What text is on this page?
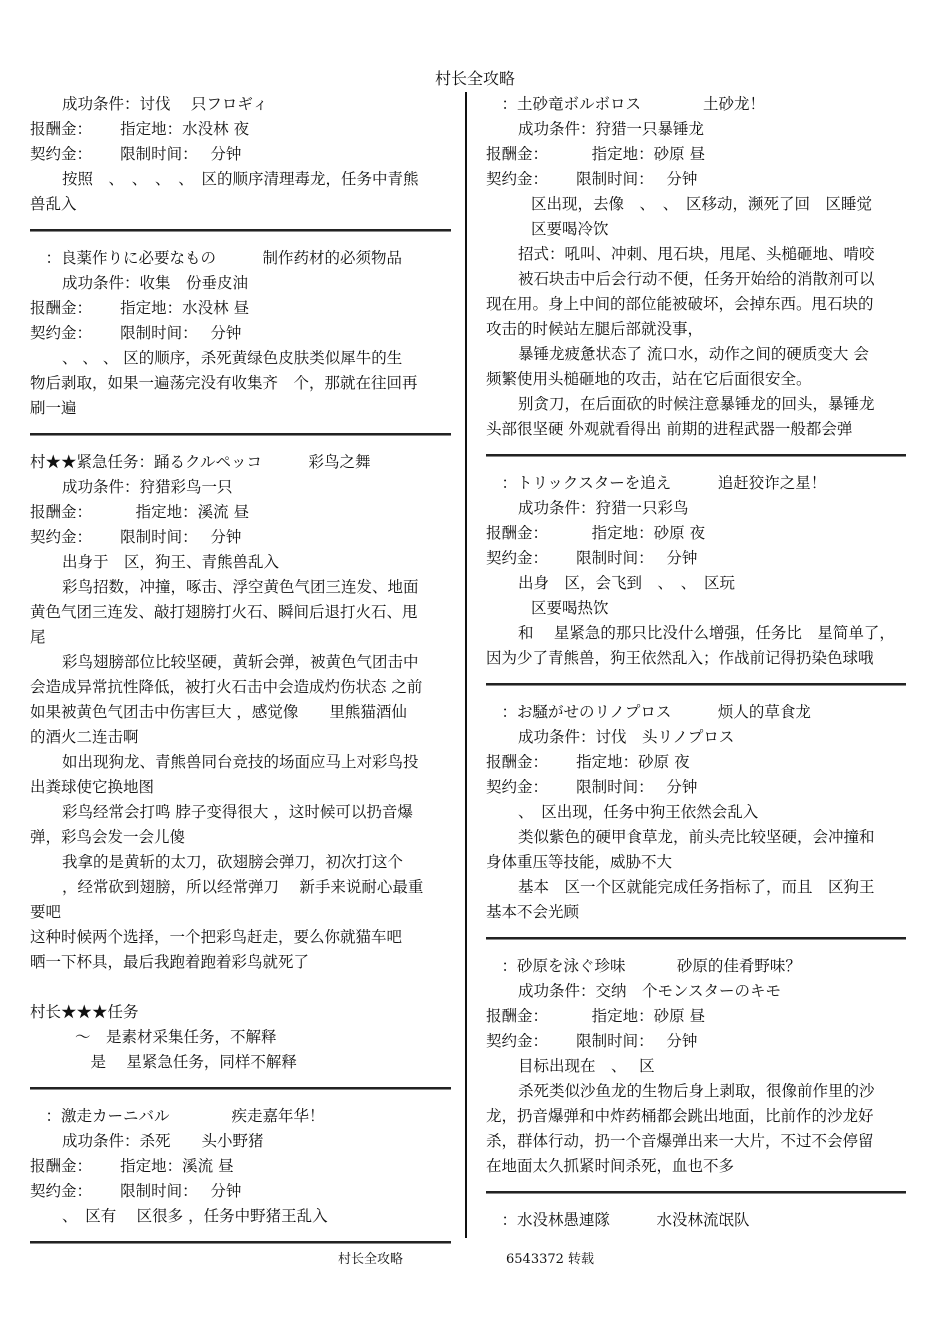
村长全攻略
成功条件：讨伐　 只フロギィ
报酬金：　　 指定地：水没林 夜
契约金：　　 限制时间：　 分钟
按照　、　、　、　、　区的顺序清理毒龙，任务中青熊
兽乱入
　：良薬作りに必要なもの　　　制作药材的必须物品
成功条件：收集　份垂皮油
报酬金：　　 指定地：水没林 昼
契约金：　　 限制时间：　 分钟
、 、 、 区的顺序，杀死黄绿色皮肤类似犀牛的生
物后剥取，如果一遍荡完没有收集齐　个，那就在往回再
刷一遍
村★★紧急任务：踊るクルペッコ　　　彩鸟之舞
成功条件：狩猎彩鸟一只
报酬金：　　 　指定地：溪流 昼
契约金：　　 限制时间：　 分钟
出身于　区，狗王、青熊兽乱入
彩鸟招数，冲撞，啄击、浮空黄色气团三连发、地面
黄色气团三连发、敲打翅膀打火石、瞬间后退打火石、甩
尾
彩鸟翅膀部位比较坚硬，黄斩会弹，被黄色气团击中
会造成异常抗性降低，被打火石击中会造成灼伤状态 之前
如果被黄色气团击中伤害巨大 ，感觉像　　里熊猫酒仙
的酒火二连击啊
如出现狗龙、青熊兽同台竞技的场面应马上对彩鸟投
出粪球使它换地图
彩鸟经常会打鸣 脖子变得很大 ，这时候可以扔音爆
弹，彩鸟会发一会儿傻
我拿的是黄斩的太刀，砍翅膀会弹刀，初次打这个
，经常砍到翅膀，所以经常弹刀　 新手来说耐心最重
要吧
这种时候两个选择，一个把彩鸟赶走，要么你就猫车吧
晒一下杯具，最后我跑着跑着彩鸟就死了
村长★★★任务
～　是素材采集任务，不解释
　是　 星紧急任务，同样不解释
　：激走カーニバル　　　　疾走嘉年华！
成功条件：杀死　　头小野猪
报酬金：　　 指定地：溪流 昼
契约金：　　 限制时间：　 分钟
、　区有　 区很多 ，任务中野猪王乱入
　：土砂竜ボルボロス　　　　土砂龙！
成功条件：狩猎一只暴锤龙
报酬金：　　 　指定地：砂原 昼
契约金：　　 限制时间：　 分钟
区出现，去像　、　、　区移动，濒死了回　区睡觉
区要喝冷饮
招式：吼叫、冲刺、甩石块，甩尾、头槌砸地、啃咬
被石块击中后会行动不便，任务开始给的消散剂可以
现在用。身上中间的部位能被破坏，会掉东西。甩石块的
攻击的时候站左腿后部就没事，
暴锤龙疲惫状态了 流口水，动作之间的硬质变大 会
频繁使用头槌砸地的攻击，站在它后面很安全。
别贪刀，在后面砍的时候注意暴锤龙的回头，暴锤龙
头部很坚硬 外观就看得出 前期的进程武器一般都会弹
　：トリックスターを追え　　　追赶狡诈之星！
成功条件：狩猎一只彩鸟
报酬金：　　 　指定地：砂原 夜
契约金：　　 限制时间：　 分钟
出身　区，会飞到　、　、　区玩
区要喝热饮
和　 星紧急的那只比没什么增强，任务比　星简单了，
因为少了青熊兽，狗王依然乱入；作战前记得扔染色球哦
　：お騒がせのリノプロス　　　烦人的草食龙
成功条件：讨伐　头リノプロス
报酬金：　　 指定地：砂原 夜
契约金：　　 限制时间：　 分钟
、　区出现，任务中狗王依然会乱入
类似紫色的硬甲食草龙，前头壳比较坚硬，会冲撞和
身体重压等技能，威胁不大
基本　区一个区就能完成任务指标了，而且　区狗王
基本不会光顾
　：砂原を泳ぐ珍味　　　 砂原的佳肴野味？
成功条件：交纳　个モンスターのキモ
报酬金：　　 　指定地：砂原 昼
契约金：　　 限制时间：　 分钟
目标出现在　、　 区
杀死类似沙鱼龙的生物后身上剥取，很像前作里的沙
龙，扔音爆弹和中炸药桶都会跳出地面，比前作的沙龙好
杀，群体行动，扔一个音爆弹出来一大片，不过不会停留
在地面太久抓紧时间杀死，血也不多
　：水没林愚連隊　　　水没林流氓队
村长全攻略	6543372 转载
